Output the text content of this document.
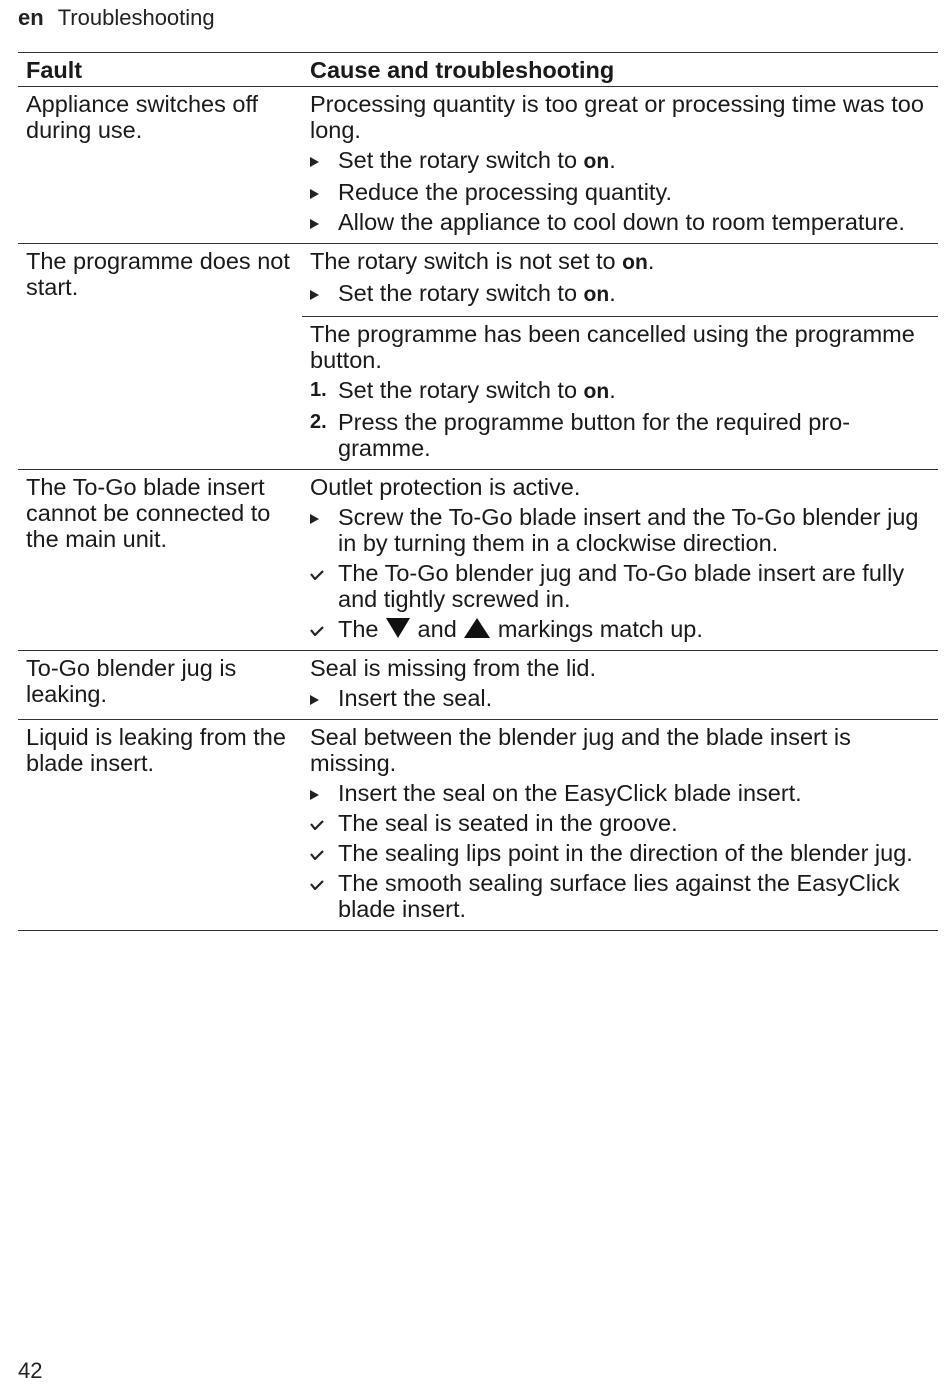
en Troubleshooting
Fault	Cause and troubleshooting
Appliance switches off during use.
Processing quantity is too great or processing time was too long.
Set the rotary switch to on.
Reduce the processing quantity.
Allow the appliance to cool down to room temperature.
The programme does not start.
The rotary switch is not set to on.
Set the rotary switch to on.
The programme has been cancelled using the programme button.
1. Set the rotary switch to on.
2. Press the programme button for the required programme.
The To-Go blade insert cannot be connected to the main unit.
Outlet protection is active.
Screw the To-Go blade insert and the To-Go blender jug in by turning them in a clockwise direction.
The To-Go blender jug and To-Go blade insert are fully and tightly screwed in.
The  and  markings match up.
To-Go blender jug is leaking.
Seal is missing from the lid.
Insert the seal.
Liquid is leaking from the blade insert.
Seal between the blender jug and the blade insert is missing.
Insert the seal on the EasyClick blade insert.
The seal is seated in the groove.
The sealing lips point in the direction of the blender jug.
The smooth sealing surface lies against the EasyClick blade insert.
42
